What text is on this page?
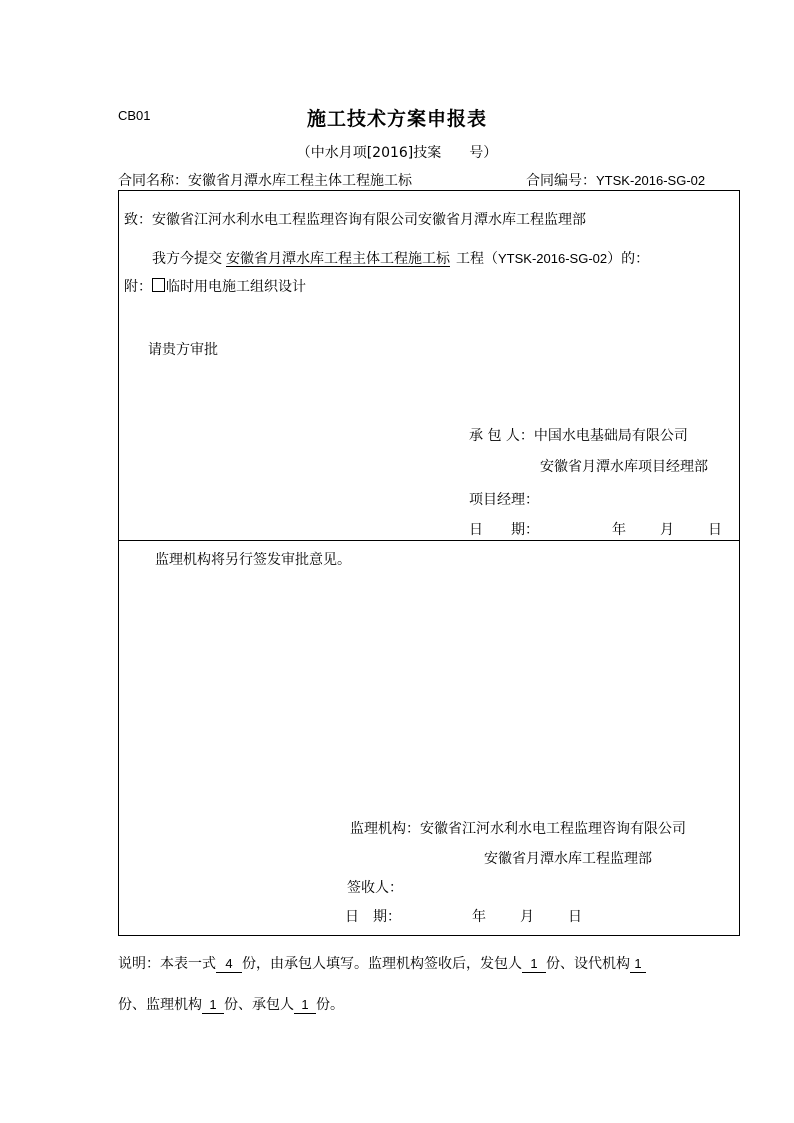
CB01	施工技术方案申报表
（中水月项[2016]技案　　号）
合同名称：安徽省月潭水库工程主体工程施工标	合同编号：YTSK-2016-SG-02
致：安徽省江河水利水电工程监理咨询有限公司安徽省月潭水库工程监理部
我方今提交 安徽省月潭水库工程主体工程施工标 工程（YTSK-2016-SG-02）的：
附： 临时用电施工组织设计
请贵方审批
承 包 人：中国水电基础局有限公司
安徽省月潭水库项目经理部
项目经理：
日　　期：	年 月 日
监理机构将另行签发审批意见。
监理机构：安徽省江河水利水电工程监理咨询有限公司
安徽省月潭水库工程监理部
签收人：
日　期：	年 月 日
说明：本表一式 4 份，由承包人填写。监理机构签收后，发包人 1 份、设代机构 1
份、监理机构 1 份、承包人 1 份。
